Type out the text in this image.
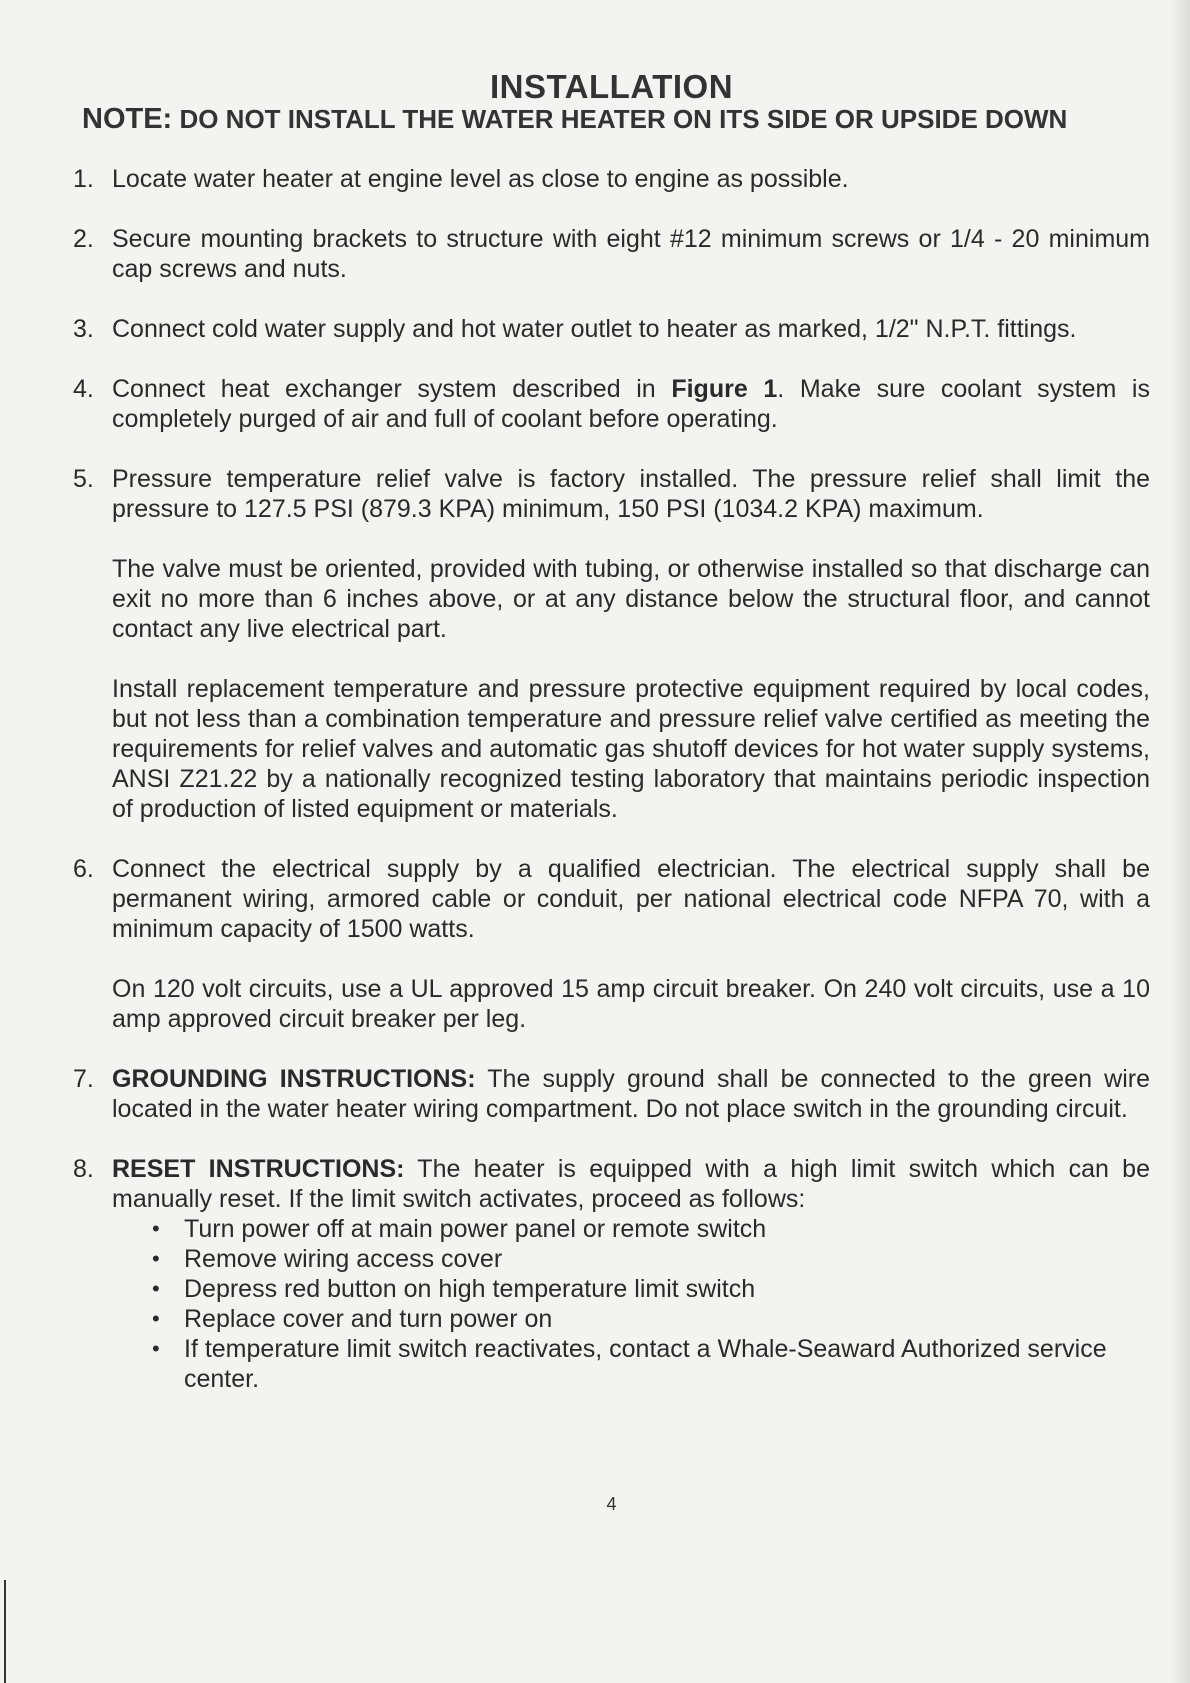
INSTALLATION
NOTE: DO NOT INSTALL THE WATER HEATER ON ITS SIDE OR UPSIDE DOWN
1. Locate water heater at engine level as close to engine as possible.

2. Secure mounting brackets to structure with eight #12 minimum screws or 1/4 - 20 minimum cap screws and nuts.

3. Connect cold water supply and hot water outlet to heater as marked, 1/2" N.P.T. fittings.

4. Connect heat exchanger system described in Figure 1. Make sure coolant system is completely purged of air and full of coolant before operating.

5. Pressure temperature relief valve is factory installed. The pressure relief shall limit the pressure to 127.5 PSI (879.3 KPA) minimum, 150 PSI (1034.2 KPA) maximum.

The valve must be oriented, provided with tubing, or otherwise installed so that discharge can exit no more than 6 inches above, or at any distance below the structural floor, and cannot contact any live electrical part.

Install replacement temperature and pressure protective equipment required by local codes, but not less than a combination temperature and pressure relief valve certified as meeting the requirements for relief valves and automatic gas shutoff devices for hot water supply systems, ANSI Z21.22 by a nationally recognized testing laboratory that maintains periodic inspection of production of listed equipment or materials.

6. Connect the electrical supply by a qualified electrician. The electrical supply shall be permanent wiring, armored cable or conduit, per national electrical code NFPA 70, with a minimum capacity of 1500 watts.

On 120 volt circuits, use a UL approved 15 amp circuit breaker. On 240 volt circuits, use a 10 amp approved circuit breaker per leg.

7. GROUNDING INSTRUCTIONS: The supply ground shall be connected to the green wire located in the water heater wiring compartment. Do not place switch in the grounding circuit.

8. RESET INSTRUCTIONS: The heater is equipped with a high limit switch which can be manually reset. If the limit switch activates, proceed as follows:

• Turn power off at main power panel or remote switch
• Remove wiring access cover
• Depress red button on high temperature limit switch
• Replace cover and turn power on
• If temperature limit switch reactivates, contact a Whale-Seaward Authorized service center.
4
